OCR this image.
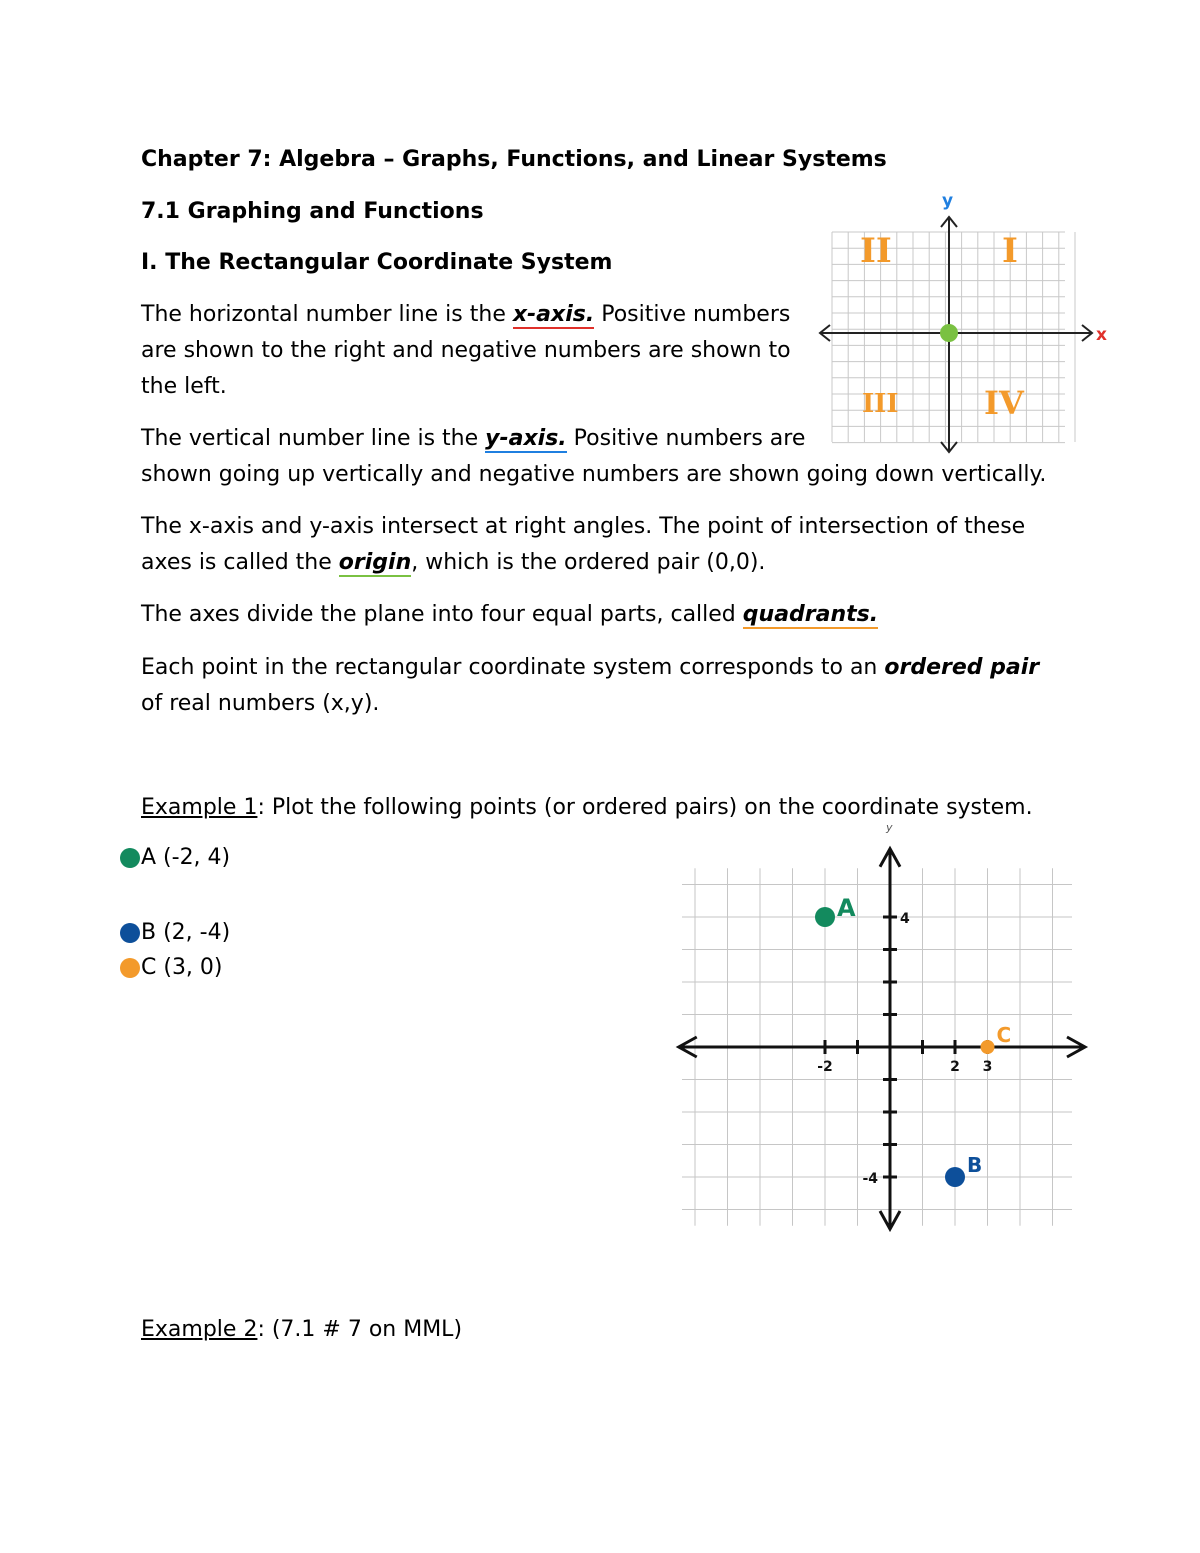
Chapter 7: Algebra – Graphs, Functions, and Linear Systems
7.1 Graphing and Functions
I. The Rectangular Coordinate System
The horizontal number line is the x-axis. Positive numbers
are shown to the right and negative numbers are shown to
the left.
The vertical number line is the y-axis. Positive numbers are
shown going up vertically and negative numbers are shown going down vertically.
The x-axis and y-axis intersect at right angles. The point of intersection of these
axes is called the origin, which is the ordered pair (0,0).
The axes divide the plane into four equal parts, called quadrants.
Each point in the rectangular coordinate system corresponds to an ordered pair
of real numbers (x,y).
Example 1: Plot the following points (or ordered pairs) on the coordinate system.
A (-2, 4)
B (2, -4)
C (3, 0)
Example 2: (7.1 # 7 on MML)
x
y
I
II
III	IV
y
-2	2 3
4
-4
A
B
C
